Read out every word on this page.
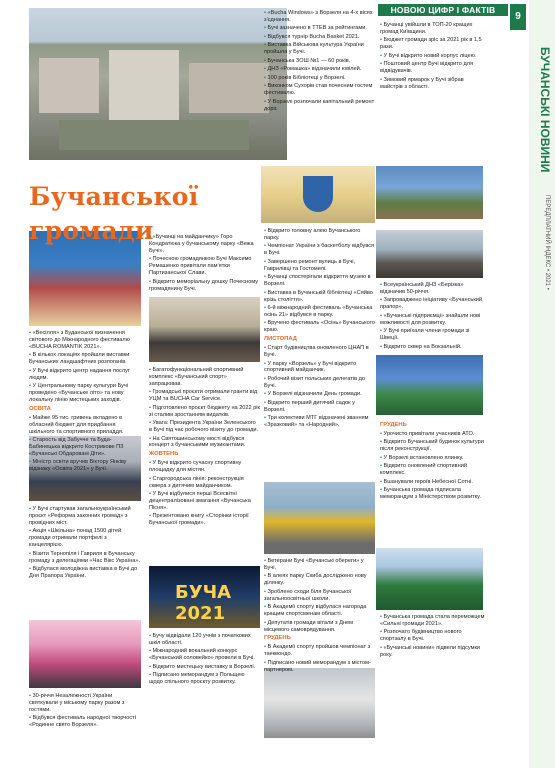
БУЧАНСЬКІ НОВИНИ
ПЕРЕДПЛАТНИЙ ІНДЕКС • 2021 •
НОВОЮ ЦИФР І ФАКТІВ
9
БУЧА 2021
Бучанської громади

• «Весілля» з Буданської визначення світового до Міжнародного фестивалю «BUCHA ROMANTIK 2021».

• В кількох локаціях пройшли виставки Бучанських ландшафтних розпоганів.

• У Бучі відкрито центр надання послуг людям.

• У Центральному парку культури Бучі проведено «Бучанське літо» та нову локальну лінію мистецьких заходів.

ОСВІТА

• Майже 95 тис. гривень вкладено в обласний бюджет для придбання шкільного та спортивного приладдя.

• Старость від Забучче та Буда-Бабинецька відкрито Кострикове ПЗ «Бучанські Обдаровані Діти».

• Міністр освіти вручив Віктору Янківу відзнаку «Освіта 2021» у Бучі.

• У Бучі стартував загальноукраїнський проєкт «Реформа законних громад» з провідних міст.

• Акція «Шкільна» понад 1500 дітей громади отримали портфелі з канцелярією.

• Візити Тернопіля і Гавриля в Бучанську громаду з делегаціями «Час Вікс Україна».

• Відбулася молодіжна виставка в Бучі до Дня Прапора України.

• 30-річчя Незалежності України святкували у міському парку разом з гостями.

• Відбувся фестиваль народної творчості «Родинне свято Ворзеля».

• «Бучанці на майданчику» Горо Кондратюка у бучанському парку «Вежа Бучі».

• Почесною громадянкою Бучі Максимо Ремашенко привітали пам’ятки Партизанської Слави.

• Відкрито меморіальну дошку Почесному громадянину Бучі.

• Багатофункціональний спортивний комплекс «Бучанський спорт» запрацював.

• Громадські проєкти отримали гранти від УЦМ та BUCHA Car Service.

• Підготовлено проєкт бюджету на 2022 рік зі сталим зростанням видатків.

• Увага: Президента України Зеленського в Бучі під час робочого візиту до громади.

• На Святошинському мості відбувся концерт з бучанськими музикантами.

ЖОВТЕНЬ

• У Бучі відкрито сучасну спортивну площадку для містян.

• Старгородська лінія: реконструкція сквера з дитячим майданчиком.

• У Бучі відбулися перші Всесвітні децентралізовані змагання «Бучанська Пісня».

• Презентовано книгу «Сторінки історії Бучанської громади».

• Бучу відвідали 120 учнів з початкових шкіл області.

• Міжнародний вокальний конкурс «Бучанський соловейко» провели в Бучі.

• Відкрито мистецьку виставку в Ворзелі.

• Підписано меморандум з Польщею щодо спільного проєкту розвитку.

• «Bucha Windows» з Ворзеля на 4-х вісях з'єднання.

• Бучі зазначено в TTEB за рейтингами.

• Відбувся турнір Bucha Basket 2021.

• Виставка Військова культура України пройшла у Бучі.

• Бучанська ЗОШ №1 — 60 років.

• ДНЗ «Ромашка» відзначили ювілей.

• 100 років Бібліотеці у Ворзелі.

• Виконком Сухорів став почесним гостем фестивалю.

• У Ворзелі розпочали капітальний ремонт доріг.

• Відкрито головну алею Бучанського парку.

• Чемпіонат України з баскетболу відбувся в Бучі.

• Завершено ремонт вулиць в Бучі, Гаврилівці та Гостомелі.

• Бучанці спостерігали відкриття музею в Ворзелі.

• Виставка в Бучанській бібліотеці «Сяйво крізь століття».

• 6-й міжнародний фестиваль «Бучанська осінь 21» відбувся в парку.

• Вручено фестиваль «Осінь» Бучанського краю.

ЛИСТОПАД

• Старт будівництва оновленого ЦНАП в Бучі.

• У парку «Ворзель» у Бучі відкрито спортивний майданчик.

• Робочий візит польських делегатів до Бучі.

• У Ворзелі відзначили День громади.

• Відкрито перший дитячий садок у Ворзелі.

• Три колективи МТГ відзначені званням «Зразковий» та «Народний».

• Ветерани Бучі «Бучанські обереги» у Бучі.

• В алеях парку Скиба досліджено нову ділянку.

• Зроблено сходи біля Бучанської загальноосвітньої школи.

• В Академії спорту відбулася нагорода кращим спортсменам області.

• Депутатів громади вітали з Днем місцевого самоврядування.

ГРУДЕНЬ

• В Академії спорту пройшов чемпіонат з таеквондо.

• Підписано новий меморандум з містом-партнером.

• Бучанці увійшли в ТОП-20 кращих громад Київщини.

• Бюджет громади зріс за 2021 рік в 1,5 рази.

• У Бучі відкрито новий корпус ліцею.

• Поштовий центр Бучі відкрито для відвідувачів.

• Зимовий ярмарок у Бучі зібрав майстрів з області.

• Всеукраїнський ДНЗ «Берізка» відзначив 50-річчя.

• Запроваджено ініціативу «Бучанський прапор».

• «Бучанські підприємці» знайшли нові можливості для розвитку.

• У Бучі приїхали члени громади зі Швеції.

• Відкрито сквер на Вокзальній.

ГРУДЕНЬ

• Урочисто привітали учасників АТО.

• Відкрито Бучанський будинок культури після реконструкції.

• У Ворзелі встановлено ялинку.

• Відкрито оновлений спортивний комплекс.

• Вшанували героїв Небесної Сотні.

• Бучанська громада підписала меморандум з Міністерством розвитку.

• Бучанська громада стала переможцем «Сильні громади 2021».

• Розпочато будівництво нового спортзалу в Бучі.

• «Бучанські новини» підвели підсумки року.
